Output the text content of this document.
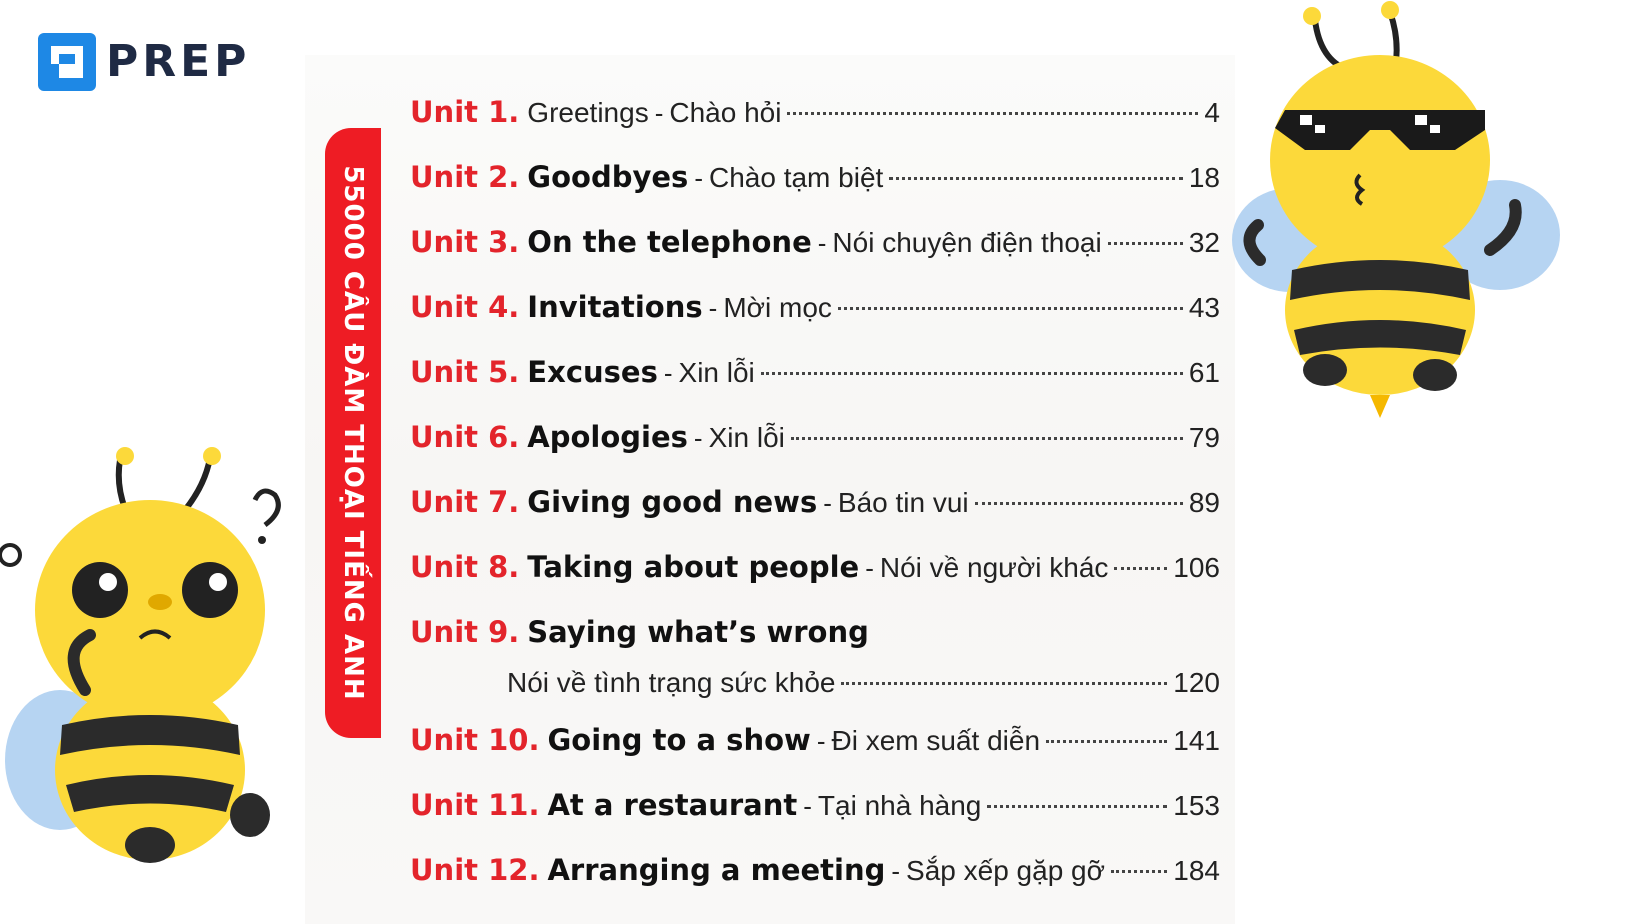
PREP
55000 CÂU ĐÀM THOẠI TIẾNG ANH
Unit 1. Greetings - Chào hỏi	4
Unit 2. Goodbyes - Chào tạm biệt	18
Unit 3. On the telephone - Nói chuyện điện thoại	32
Unit 4. Invitations - Mời mọc	43
Unit 5. Excuses - Xin lỗi	61
Unit 6. Apologies - Xin lỗi	79
Unit 7. Giving good news - Báo tin vui	89
Unit 8. Taking about people - Nói về người khác 106
Unit 9. Saying what’s wrong
Nói về tình trạng sức khỏe	120
Unit 10. Going to a show - Đi xem suất diễn	141
Unit 11. At a restaurant - Tại nhà hàng	153
Unit 12. Arranging a meeting - Sắp xếp gặp gỡ 184
